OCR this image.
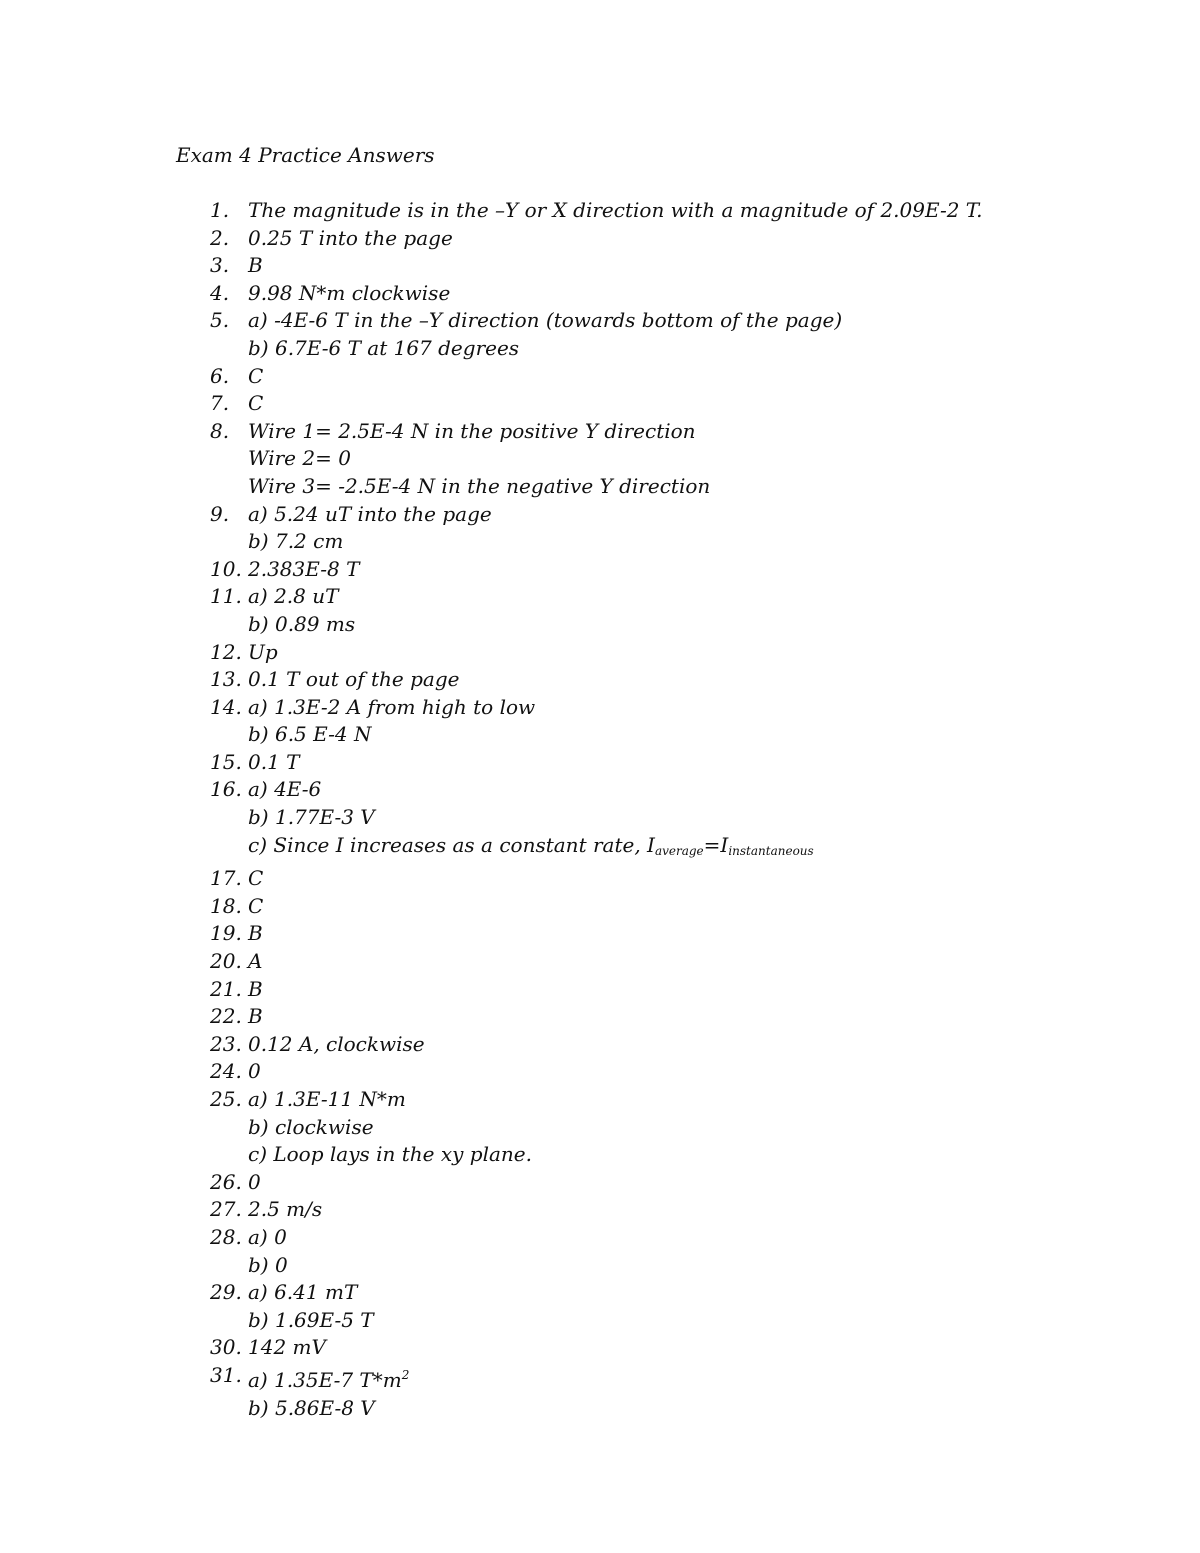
Exam 4 Practice Answers
1. The magnitude is in the –Y or X direction with a magnitude of 2.09E-2 T.
2. 0.25 T into the page
3. B
4. 9.98 N*m clockwise
5. a) -4E-6 T in the –Y direction (towards bottom of the page)
b) 6.7E-6 T at 167 degrees
6. C
7. C
8. Wire 1= 2.5E-4 N in the positive Y direction
Wire 2= 0
Wire 3= -2.5E-4 N in the negative Y direction
9. a) 5.24 uT into the page
b) 7.2 cm
10. 2.383E-8 T
11. a) 2.8 uT
b) 0.89 ms
12. Up
13. 0.1 T out of the page
14. a) 1.3E-2 A from high to low
b) 6.5 E-4 N
15. 0.1 T
16. a) 4E-6
b) 1.77E-3 V
c) Since I increases as a constant rate, $I_{average}=I_{instantaneous}$
17. C
18. C
19. B
20. A
21. B
22. B
23. 0.12 A, clockwise
24. 0
25. a) 1.3E-11 N*m
b) clockwise
c) Loop lays in the xy plane.
26. 0
27. 2.5 m/s
28. a) 0
b) 0
29. a) 6.41 mT
b) 1.69E-5 T
30. 142 mV
31. a) 1.35E-7 $T*m^2$
b) 5.86E-8 V
